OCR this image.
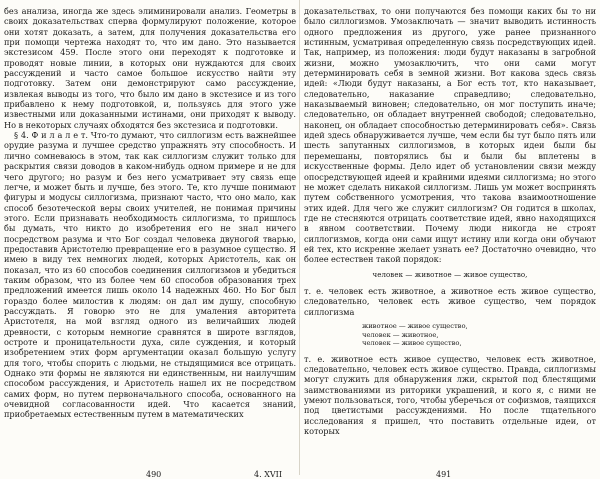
без анализа, иногда же здесь элиминировали анализ. Геометры в своих доказательствах сперва формулируют положение, которое они хотят доказать, а затем, для получения доказательства его при помощи чертежа находят то, что им дано. Это называется экстезисом 459. После этого они переходят к подготовке и проводят новые линии, в которых они нуждаются для своих рассуждений и часто самое большое искусство найти эту подготовку. Затем они демонстрируют само рассуждение, извлекая выводы из того, что было им дано в экстезисе и из того прибавлено к нему подготовкой, и, пользуясь для этого уже известными или доказанными истинами, они приходят к выводу. Но в некоторых случаях обходятся без экстезиса и подготовки.

§ 4. Ф и л а л е т. Что-то думают, что силлогизм есть важнейшее орудие разума и лучшее средство упражнять эту способность. И лично сомневаюсь в этом, так как силлогизм служит только для раскрытия связи доводов в каком-нибудь одном примере и не для чего другого; но разум и без него усматривает эту связь еще легче, и может быть и лучше, без этого. Те, кто лучше понимают фигуры и модусы силлогизма, признают часто, что оно мало, как способ безотеческой веры своих учителей, не понимая причины этого. Если признавать необходимость силлогизма, то пришлось бы думать, что никто до изобретения его не знал ничего посредством разума и что Бог создал человека двуногой тварью, предоставив Аристотелю превращение его в разумное существо. Я имею в виду тех немногих людей, которых Аристотель, как он показал, что из 60 способов соединения силлогизмов и убедиться таким образом, что из более чем 60 способов образования трех предложений имеется лишь около 14 надежных 460. Но Бог был гораздо более милостив к людям: он дал им душу, способную рассуждать. Я говорю это не для умаления авторитета Аристотеля, на мой взгляд одного из величайших людей древности, с которым немногие сравнятся в широте взглядов, остроте и проницательности духа, силе суждения, и который изобретением этих форм аргументации оказал большую услугу для того, чтобы спорить с людьми, не стыдящимися все отрицать. Однако эти формы не являются ни единственным, ни наилучшим способом рассуждения, и Аристотель нашел их не посредством самих форм, но путем первоначального способа, основанного на очевидной согласованности идей. Что касается знаний, приобретаемых естественным путем в математических

490	4. XVII

доказательствах, то они получаются без помощи каких бы то ни было силлогизмов. Умозаключать — значит выводить истинность одного предложения из другого, уже ранее признанного истинным, усматривая определенную связь посредствующих идей. Так, например, из положения: люди будут наказаны в загробной жизни, можно умозаключить, что они сами могут детерминировать себя в земной жизни. Вот какова здесь связь идей: «Люди будут наказаны, а Бог есть тот, кто наказывает, следовательно, наказание справедливо; следовательно, наказываемый виновен; следовательно, он мог поступить иначе; следовательно, он обладает внутренней свободой; следовательно, наконец, он обладает способностью детерминировать себя». Связь идей здесь обнаруживается лучше, чем если бы тут было пять или шесть запутанных силлогизмов, в которых идеи были бы перемешаны, повторялись бы и были бы вплетены в искусственные формы. Дело идет об установлении связи между опосредствующей идеей и крайними идеями силлогизма; но этого не может сделать никакой силлогизм. Лишь ум может воспринять путем собственного усмотрения, что такова взаимоотношение этих идей. Для чего же служит силлогизм? Он годится в школах, где не стесняются отрицать соответствие идей, явно находящихся в явном соответствии. Почему люди никогда не строят силлогизмов, когда они сами ищут истину или когда они обучают ей тех, кто искренне желает узнать ее? Достаточно очевидно, что более естествен такой порядок:

человек — животное — живое существо,

т. е. человек есть животное, а животное есть живое существо, следовательно, человек есть живое существо, чем порядок силлогизма

животное — живое существо,
человек — животное,
человек — живое существо,

т. е. животное есть живое существо, человек есть животное, следовательно, человек есть живое существо. Правда, силлогизмы могут служить для обнаружения лжи, скрытой под блестящими заимствованиями из риторики украшений, и кого я, с ними не умеют пользоваться, того, чтобы уберечься от софизмов, таящихся под цветистыми рассуждениями. Но после тщательного исследования я пришел, что поставить отдельные идеи, от которых

491
